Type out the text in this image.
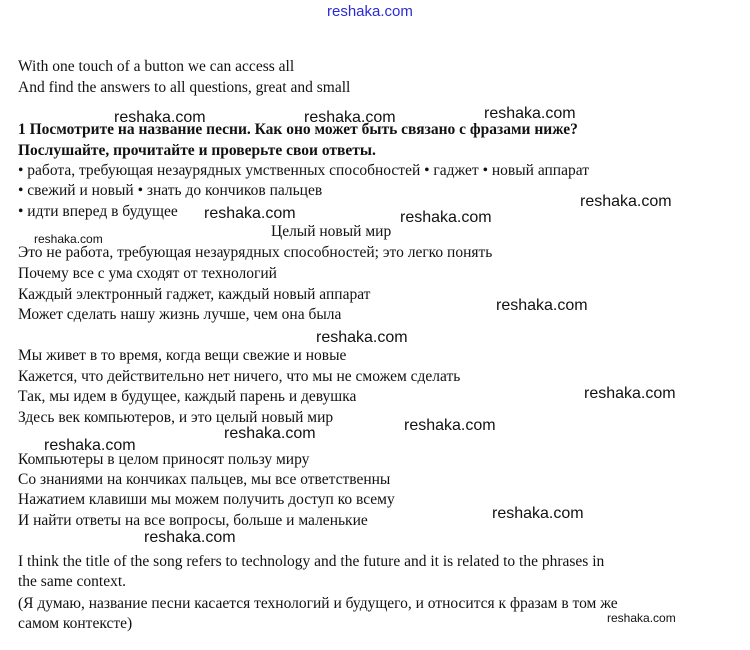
reshaka.com

With one touch of a button we can access all

And find the answers to all questions, great and small

1 Посмотрите на название песни. Как оно может быть связано с фразами ниже?

Послушайте, прочитайте и проверьте свои ответы.

• работа, требующая незаурядных умственных способностей • гаджет • новый аппарат

• свежий и новый • знать до кончиков пальцев

• идти вперед в будущее

Целый новый мир

Это не работа, требующая незаурядных способностей; это легко понять

Почему все с ума сходят от технологий

Каждый электронный гаджет, каждый новый аппарат

Может сделать нашу жизнь лучше, чем она была

Мы живет в то время, когда вещи свежие и новые

Кажется, что действительно нет ничего, что мы не сможем сделать

Так, мы идем в будущее, каждый парень и девушка

Здесь век компьютеров, и это целый новый мир

Компьютеры в целом приносят пользу миру

Со знаниями на кончиках пальцев, мы все ответственны

Нажатием клавиши мы можем получить доступ ко всему

И найти ответы на все вопросы, больше и маленькие

I think the title of the song refers to technology and the future and it is related to the phrases in

the same context.

(Я думаю, название песни касается технологий и будущего, и относится к фразам в том же

самом контексте)

reshaka.com	reshaka.com	reshaka.com
reshaka.com
reshaka.com	reshaka.com
reshaka.com
reshaka.com
reshaka.com
reshaka.com
reshaka.com
reshaka.com
reshaka.com
reshaka.com
reshaka.com
reshaka.com
